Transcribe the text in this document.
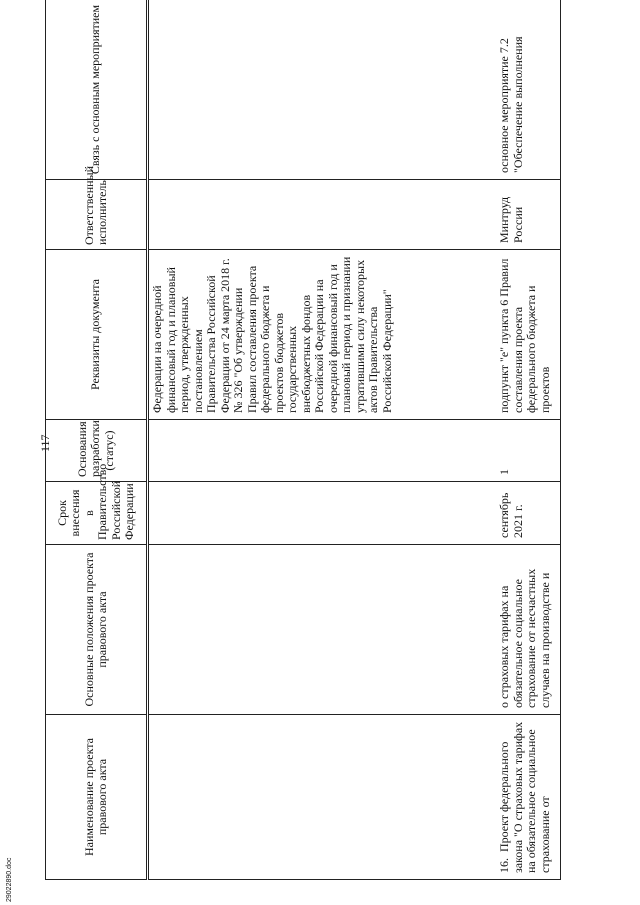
117
Наименование проекта правового акта	Основные положения проекта правового акта	Срок внесения в Правительство Российской Федерации	Основания разработки (статус)	Реквизиты документа	Ответственный исполнитель	Связь с основным мероприятием
				Федерации на очередной финансовый год и плановый период, утвержденных постановлением Правительства Российской Федерации от 24 марта 2018 г. № 326 "Об утверждении Правил составления проекта федерального бюджета и проектов бюджетов государственных внебюджетных фондов Российской Федерации на очередной финансовый год и плановый период и признании утратившими силу некоторых актов Правительства Российской Федерации"		
16.  Проект федерального закона "О страховых тарифах на обязательное социальное страхование от	о страховых тарифах на обязательное социальное страхование от несчастных случаев на производстве и	сентябрь 2021 г.	1	подпункт "е" пункта 6 Правил составления проекта федерального бюджета и проектов	Минтруд России	основное мероприятие 7.2 "Обеспечение выполнения
29022890.doc
